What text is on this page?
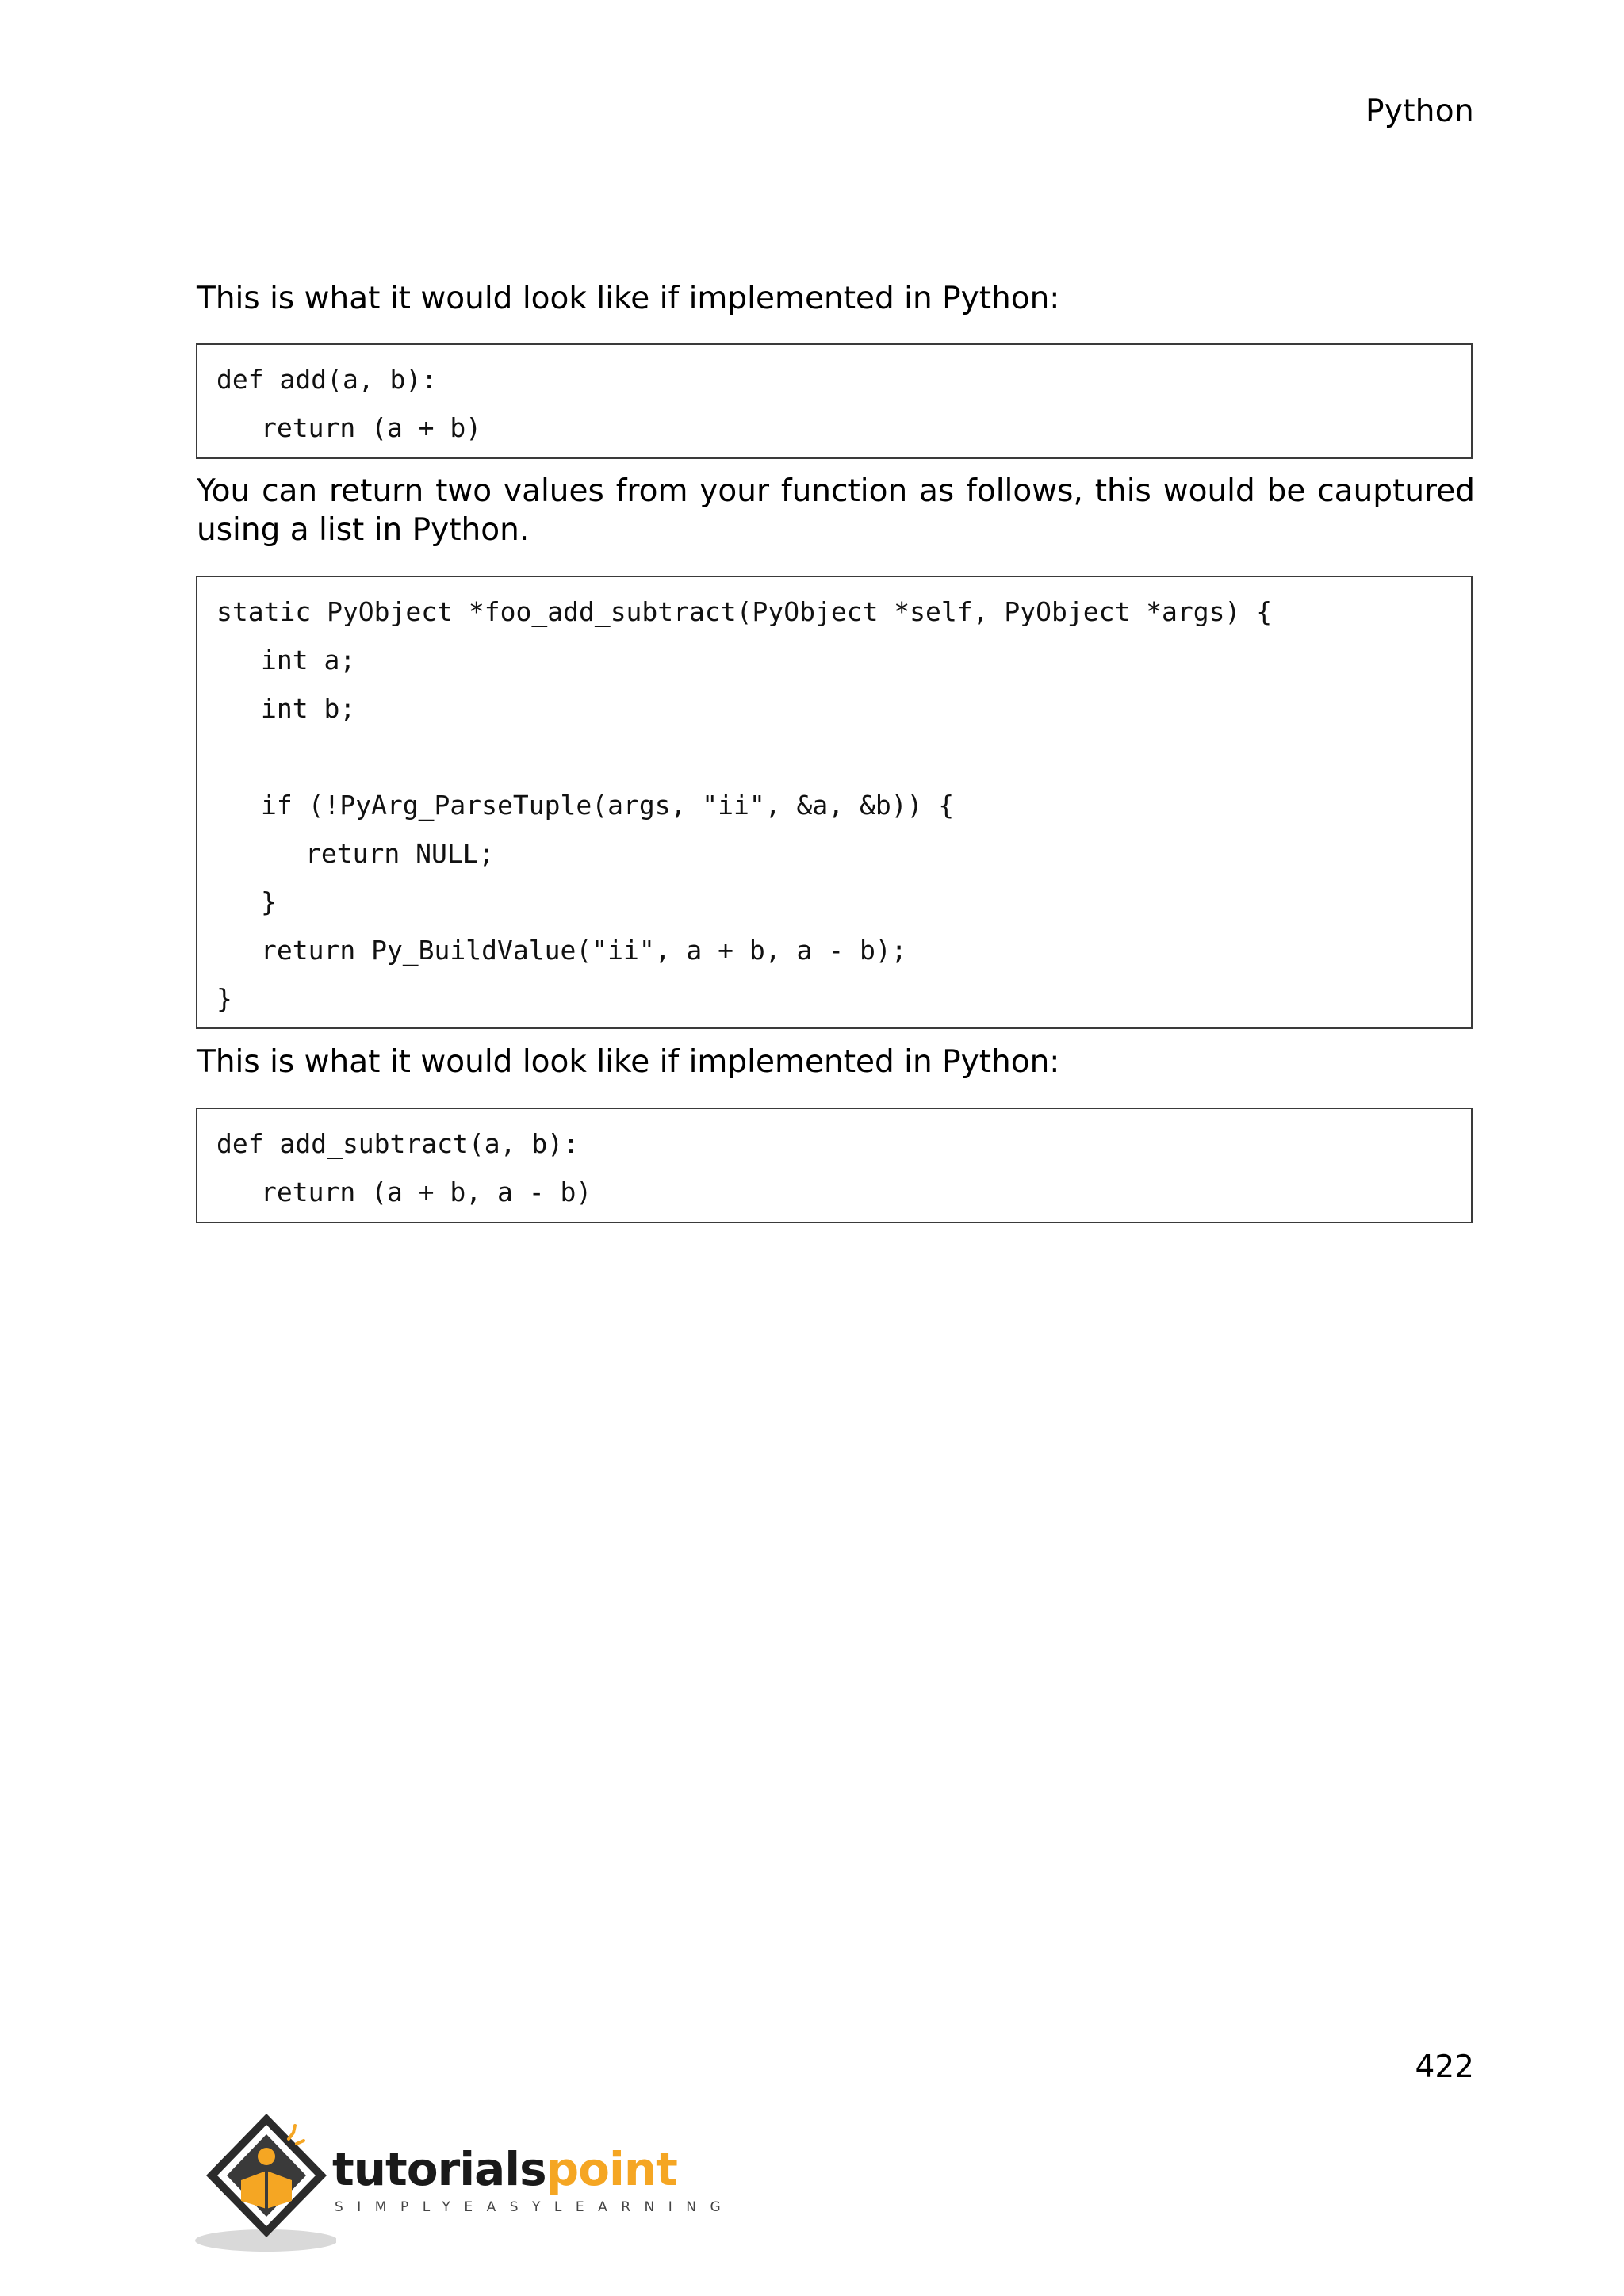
Python

This is what it would look like if implemented in Python:

def add(a, b):
return (a + b)

You can return two values from your function as follows, this would be cauptured using a list in Python.

static PyObject *foo_add_subtract(PyObject *self, PyObject *args) {
int a;
int b;
if (!PyArg_ParseTuple(args, "ii", &a, &b)) {
return NULL;
}
return Py_BuildValue("ii", a + b, a - b);
}

This is what it would look like if implemented in Python:

def add_subtract(a, b):
return (a + b, a - b)
422
tutorialspoint
SIMPLYEASYLEARNING
